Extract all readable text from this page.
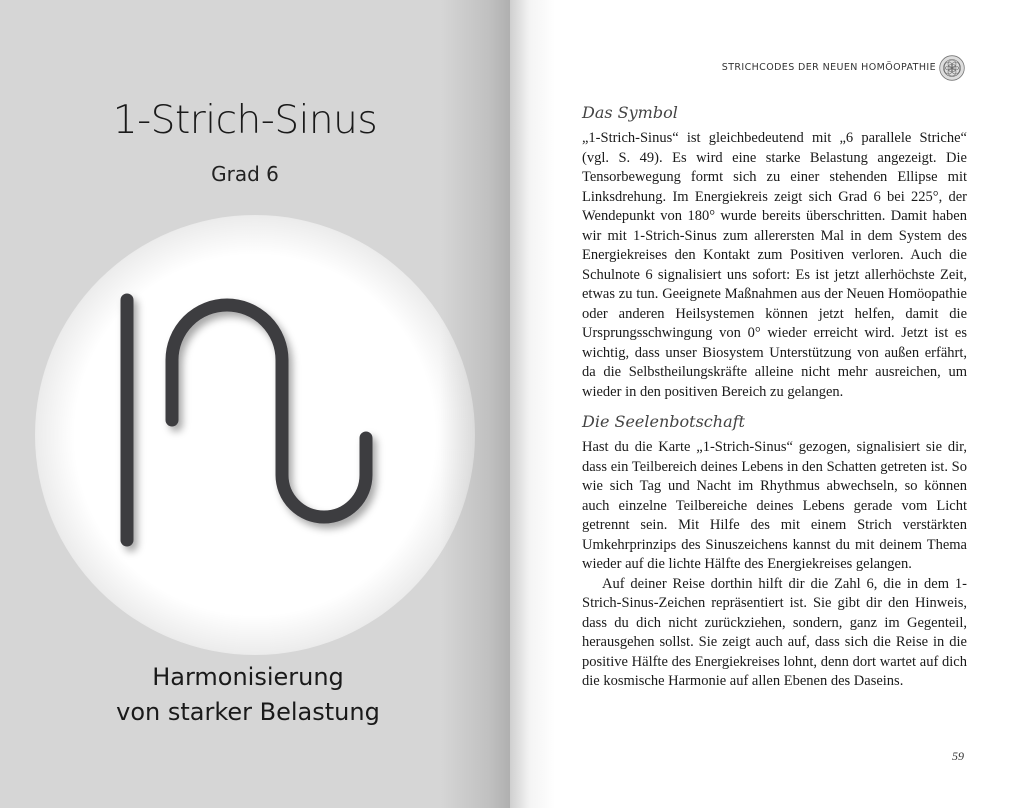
1-Strich-Sinus
Grad 6
Harmonisierung
von starker Belastung
STRICHCODES DER NEUEN HOMÖOPATHIE
Das Symbol
„1-Strich-Sinus“ ist gleichbedeutend mit „6 parallele Striche“ (vgl. S. 49). Es wird eine starke Belastung angezeigt. Die Tensorbewegung formt sich zu einer stehenden Ellipse mit Linksdrehung. Im Energiekreis zeigt sich Grad 6 bei 225°, der Wendepunkt von 180° wurde bereits überschritten. Damit haben wir mit 1-Strich-Sinus zum allerersten Mal in dem System des Energiekreises den Kontakt zum Positiven verloren. Auch die Schulnote 6 signalisiert uns sofort: Es ist jetzt allerhöchste Zeit, etwas zu tun. Geeignete Maßnahmen aus der Neuen Homöopathie oder anderen Heilsystemen können jetzt helfen, damit die Ursprungsschwingung von 0° wieder erreicht wird. Jetzt ist es wichtig, dass unser Biosystem Unterstützung von außen erfährt, da die Selbstheilungskräfte alleine nicht mehr ausreichen, um wieder in den positiven Bereich zu gelangen.
Die Seelenbotschaft

Hast du die Karte „1-Strich-Sinus“ gezogen, signalisiert sie dir, dass ein Teilbereich deines Lebens in den Schatten getreten ist. So wie sich Tag und Nacht im Rhythmus abwechseln, so können auch einzelne Teilbereiche deines Lebens gerade vom Licht getrennt sein. Mit Hilfe des mit einem Strich verstärkten Umkehrprinzips des Sinuszeichens kannst du mit deinem Thema wieder auf die lichte Hälfte des Energiekreises gelangen.

Auf deiner Reise dorthin hilft dir die Zahl 6, die in dem 1-Strich-Sinus-Zeichen repräsentiert ist. Sie gibt dir den Hinweis, dass du dich nicht zurückziehen, sondern, ganz im Gegenteil, herausgehen sollst. Sie zeigt auch auf, dass sich die Reise in die positive Hälfte des Energiekreises lohnt, denn dort wartet auf dich die kosmische Harmonie auf allen Ebenen des Daseins.

59
